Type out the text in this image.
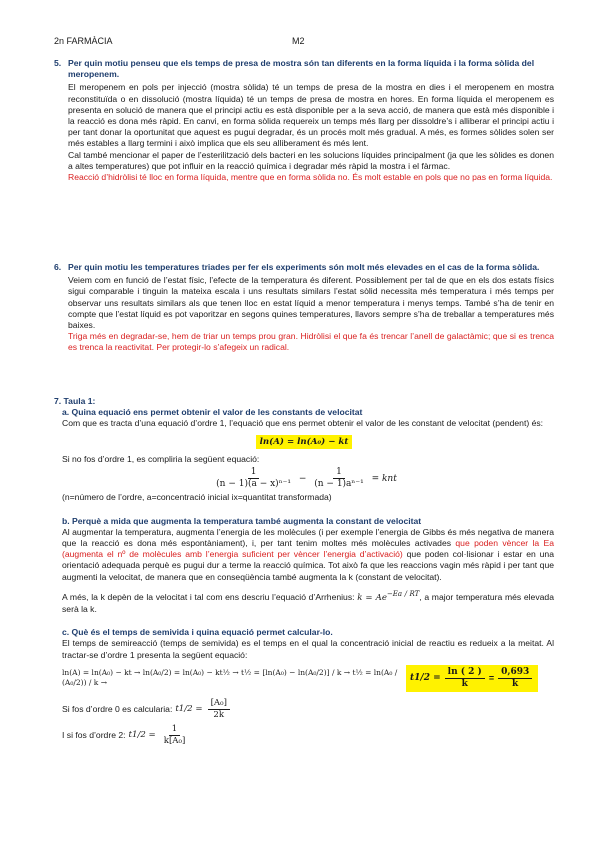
2n FARMÀCIA	M2
5. Per quin motiu penseu que els temps de presa de mostra són tan diferents en la forma líquida i la forma sòlida del meropenem.

El meropenem en pols per injecció (mostra sòlida) té un temps de presa de la mostra en dies i el meropenem en mostra reconstituïda o en dissolució (mostra líquida) té un temps de presa de mostra en hores. En forma líquida el meropenem es presenta en solució de manera que el principi actiu es està disponible per a la seva acció, de manera que està més disponible i la reacció es dona més ràpid. En canvi, en forma sòlida requereix un temps més llarg per dissoldre’s i alliberar el principi actiu i per tant donar la oportunitat que aquest es pugui degradar, és un procés molt més gradual. A més, es formes sòlides solen ser més estables a llarg termini i això implica que els seu alliberament és més lent.

Cal també mencionar el paper de l’esterilització dels bacteri en les solucions líquides principalment (ja que les sòlides es donen a altes temperatures) que pot influir en la reacció química i degradar més ràpid la mostra i el fàrmac.

Reacció d’hidròlisi té lloc en forma líquida, mentre que en forma sòlida no. És molt estable en pols que no pas en forma líquida.

6. Per quin motiu les temperatures triades per fer els experiments són molt més elevades en el cas de la forma sòlida.

Veiem com en funció de l’estat físic, l’efecte de la temperatura és diferent. Possiblement per tal de que en els dos estats físics sigui comparable i tinguin la mateixa escala i uns resultats similars l’estat sòlid necessita més temperatura i més temps per observar uns resultats similars als que tenen lloc en estat líquid a menor temperatura i menys temps. També s’ha de tenir en compte que l’estat líquid es pot vaporitzar en segons quines temperatures, llavors sempre s’ha de treballar a temperatures més baixes.

Triga més en degradar-se, hem de triar un temps prou gran. Hidròlisi el que fa és trencar l’anell de galactàmic; que si es trenca es trenca la reactivitat. Per protegir-lo s’afegeix un radical.

7. Taula 1:
a. Quina equació ens permet obtenir el valor de les constants de velocitat

Com que es tracta d’una equació d’ordre 1, l’equació que ens permet obtenir el valor de les constant de velocitat (pendent) és:

ln(A) = ln(A₀) − kt

Si no fos d’ordre 1, es compliria la següent equació:

$\frac{1}{\text{(n − 1)(a − x)ⁿ⁻¹}} - \frac{1}{\text{(n − 1)aⁿ⁻¹}}$ = knt

(n=número de l’ordre, a=concentració inicial ix=quantitat transformada)

b. Perquè a mida que augmenta la temperatura també augmenta la constant de velocitat

Al augmentar la temperatura, augmenta l’energia de les molècules (i per exemple l’energia de Gibbs és més negativa de manera que la reacció es dona més espontàniament), i, per tant tenim moltes més molècules activades que poden vèncer la Ea (augmenta el nº de molècules amb l’energia suficient per vèncer l’energia d’activació) que poden col·lisionar i estar en una orientació adequada perquè es pugui dur a terme la reacció química. Tot això fa que les reaccions vagin més ràpid i per tant que augmenti la velocitat, de manera que en conseqüència també augmenta la k (constant de velocitat).

A més, la k depèn de la velocitat i tal com ens descriu l’equació d’Arrhenius: $k = Ae^{-Ea / RT}$, a major temperatura més elevada serà la k.

c. Què és el temps de semivida i quina equació permet calcular-lo.

El temps de semireacció (temps de semivida) es el temps en el qual la concentració inicial de reactiu es redueix a la meitat. Al tractar-se d’ordre 1 presenta la següent equació:

ln(A) = ln(A₀) − kt → ln(A₀/2) = ln(A₀) − kt½ → t½ = [ln(A₀) − ln(A₀/2)] / k → t½ = ln(A₀ / (A₀/2)) / k →
$t1/2 = \frac{\ln ( 2 )}{k} = \frac{0,693}{k}$
Si fos d’ordre 0 es calcularia: $t1/2 = \frac{\text{[A₀]}}{2k}$
I si fos d’ordre 2: $t1/2 = \frac{1}{\text{k[A₀]}}$
